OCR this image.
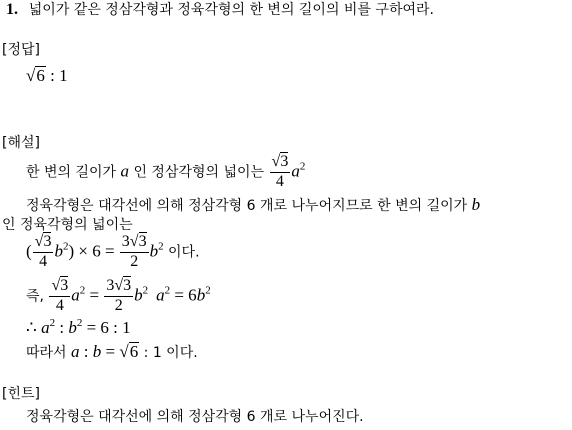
1. 넓이가 같은 정삼각형과 정육각형의 한 변의 길이의 비를 구하여라.
[정답]
√6 : 1
[해설]
한 변의 길이가 a 인 정삼각형의 넓이는 $\frac{√3}{4} a^2$
정육각형은 대각선에 의해 정삼각형 6 개로 나누어지므로 한 변의 길이가 b
인 정육각형의 넓이는
( $\frac{√3}{4} b^2) \times 6 = \frac{3√3}{2} b^2$ 이다.
즉, $\frac{√3}{4} a^2 = \frac{3√3}{2} b^2$ $a^2 = 6b^2$
∴ $a^2$ : $b^2 = 6$ : 1
따라서 a : b = √6 : 1 이다.
[힌트]
정육각형은 대각선에 의해 정삼각형 6 개로 나누어진다.
